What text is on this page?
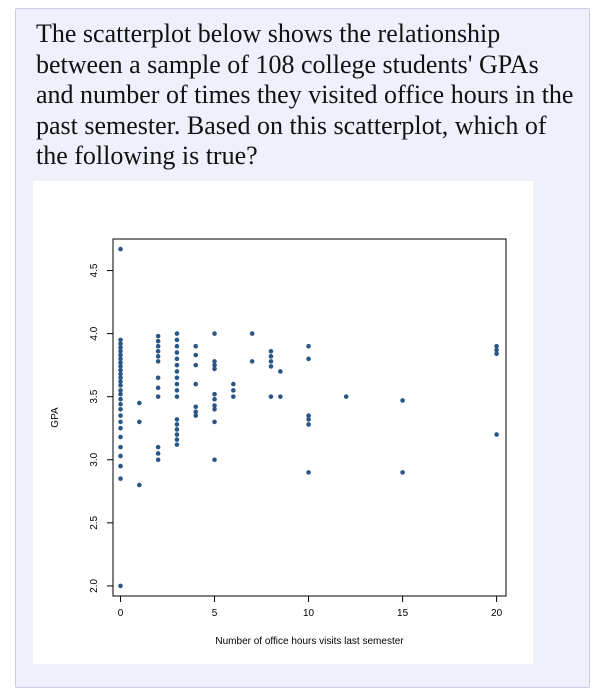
The scatterplot below shows the relationship between a sample of 108 college students' GPAs and number of times they visited office hours in the past semester. Based on this scatterplot, which of the following is true?

0	5	10	15	20
2.0
2.5
3.0
3.5
4.0
4.5
Number of office hours visits last semester
GPA
